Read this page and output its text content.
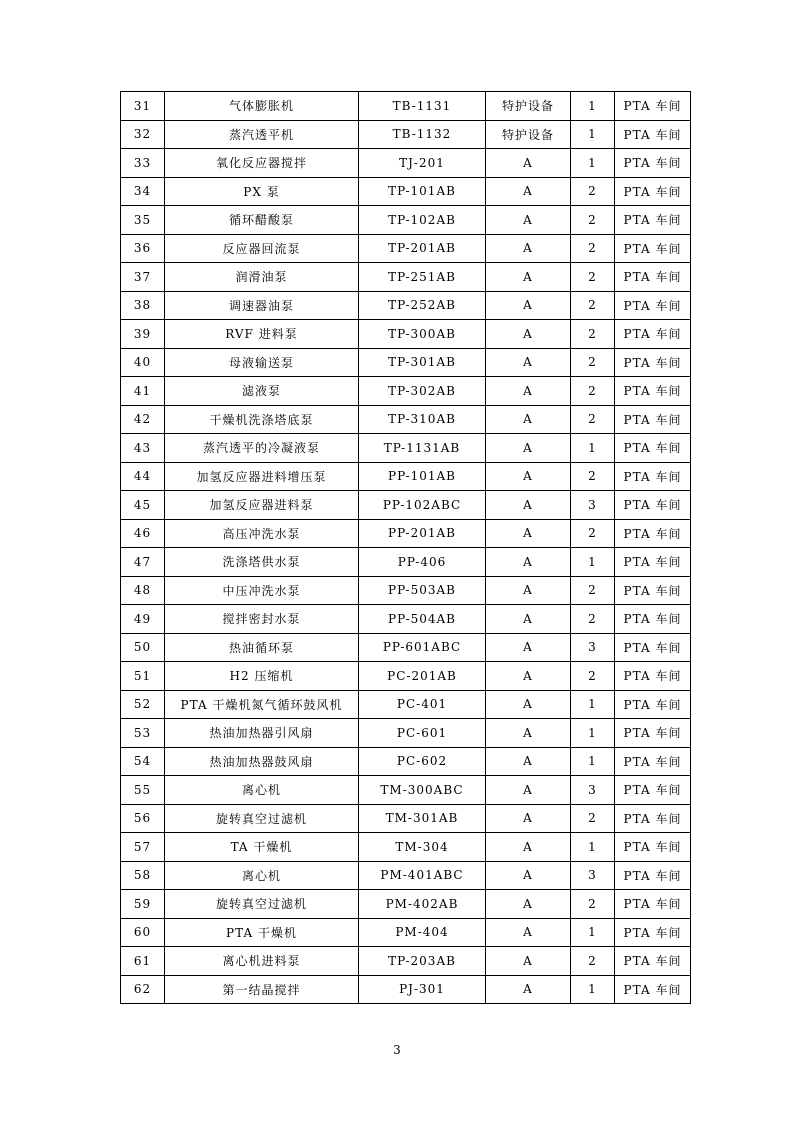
31	气体膨胀机	TB-1131	特护设备	1	PTA 车间
32	蒸汽透平机	TB-1132	特护设备	1	PTA 车间
33	氧化反应器搅拌	TJ-201	A	1	PTA 车间
34	PX 泵	TP-101AB	A	2	PTA 车间
35	循环醋酸泵	TP-102AB	A	2	PTA 车间
36	反应器回流泵	TP-201AB	A	2	PTA 车间
37	润滑油泵	TP-251AB	A	2	PTA 车间
38	调速器油泵	TP-252AB	A	2	PTA 车间
39	RVF 进料泵	TP-300AB	A	2	PTA 车间
40	母液输送泵	TP-301AB	A	2	PTA 车间
41	滤液泵	TP-302AB	A	2	PTA 车间
42	干燥机洗涤塔底泵	TP-310AB	A	2	PTA 车间
43	蒸汽透平的冷凝液泵	TP-1131AB	A	1	PTA 车间
44	加氢反应器进料增压泵	PP-101AB	A	2	PTA 车间
45	加氢反应器进料泵	PP-102ABC	A	3	PTA 车间
46	高压冲洗水泵	PP-201AB	A	2	PTA 车间
47	洗涤塔供水泵	PP-406	A	1	PTA 车间
48	中压冲洗水泵	PP-503AB	A	2	PTA 车间
49	搅拌密封水泵	PP-504AB	A	2	PTA 车间
50	热油循环泵	PP-601ABC	A	3	PTA 车间
51	H2 压缩机	PC-201AB	A	2	PTA 车间
52	PTA 干燥机氮气循环鼓风机	PC-401	A	1	PTA 车间
53	热油加热器引风扇	PC-601	A	1	PTA 车间
54	热油加热器鼓风扇	PC-602	A	1	PTA 车间
55	离心机	TM-300ABC	A	3	PTA 车间
56	旋转真空过滤机	TM-301AB	A	2	PTA 车间
57	TA 干燥机	TM-304	A	1	PTA 车间
58	离心机	PM-401ABC	A	3	PTA 车间
59	旋转真空过滤机	PM-402AB	A	2	PTA 车间
60	PTA 干燥机	PM-404	A	1	PTA 车间
61	离心机进料泵	TP-203AB	A	2	PTA 车间
62	第一结晶搅拌	PJ-301	A	1	PTA 车间
3
